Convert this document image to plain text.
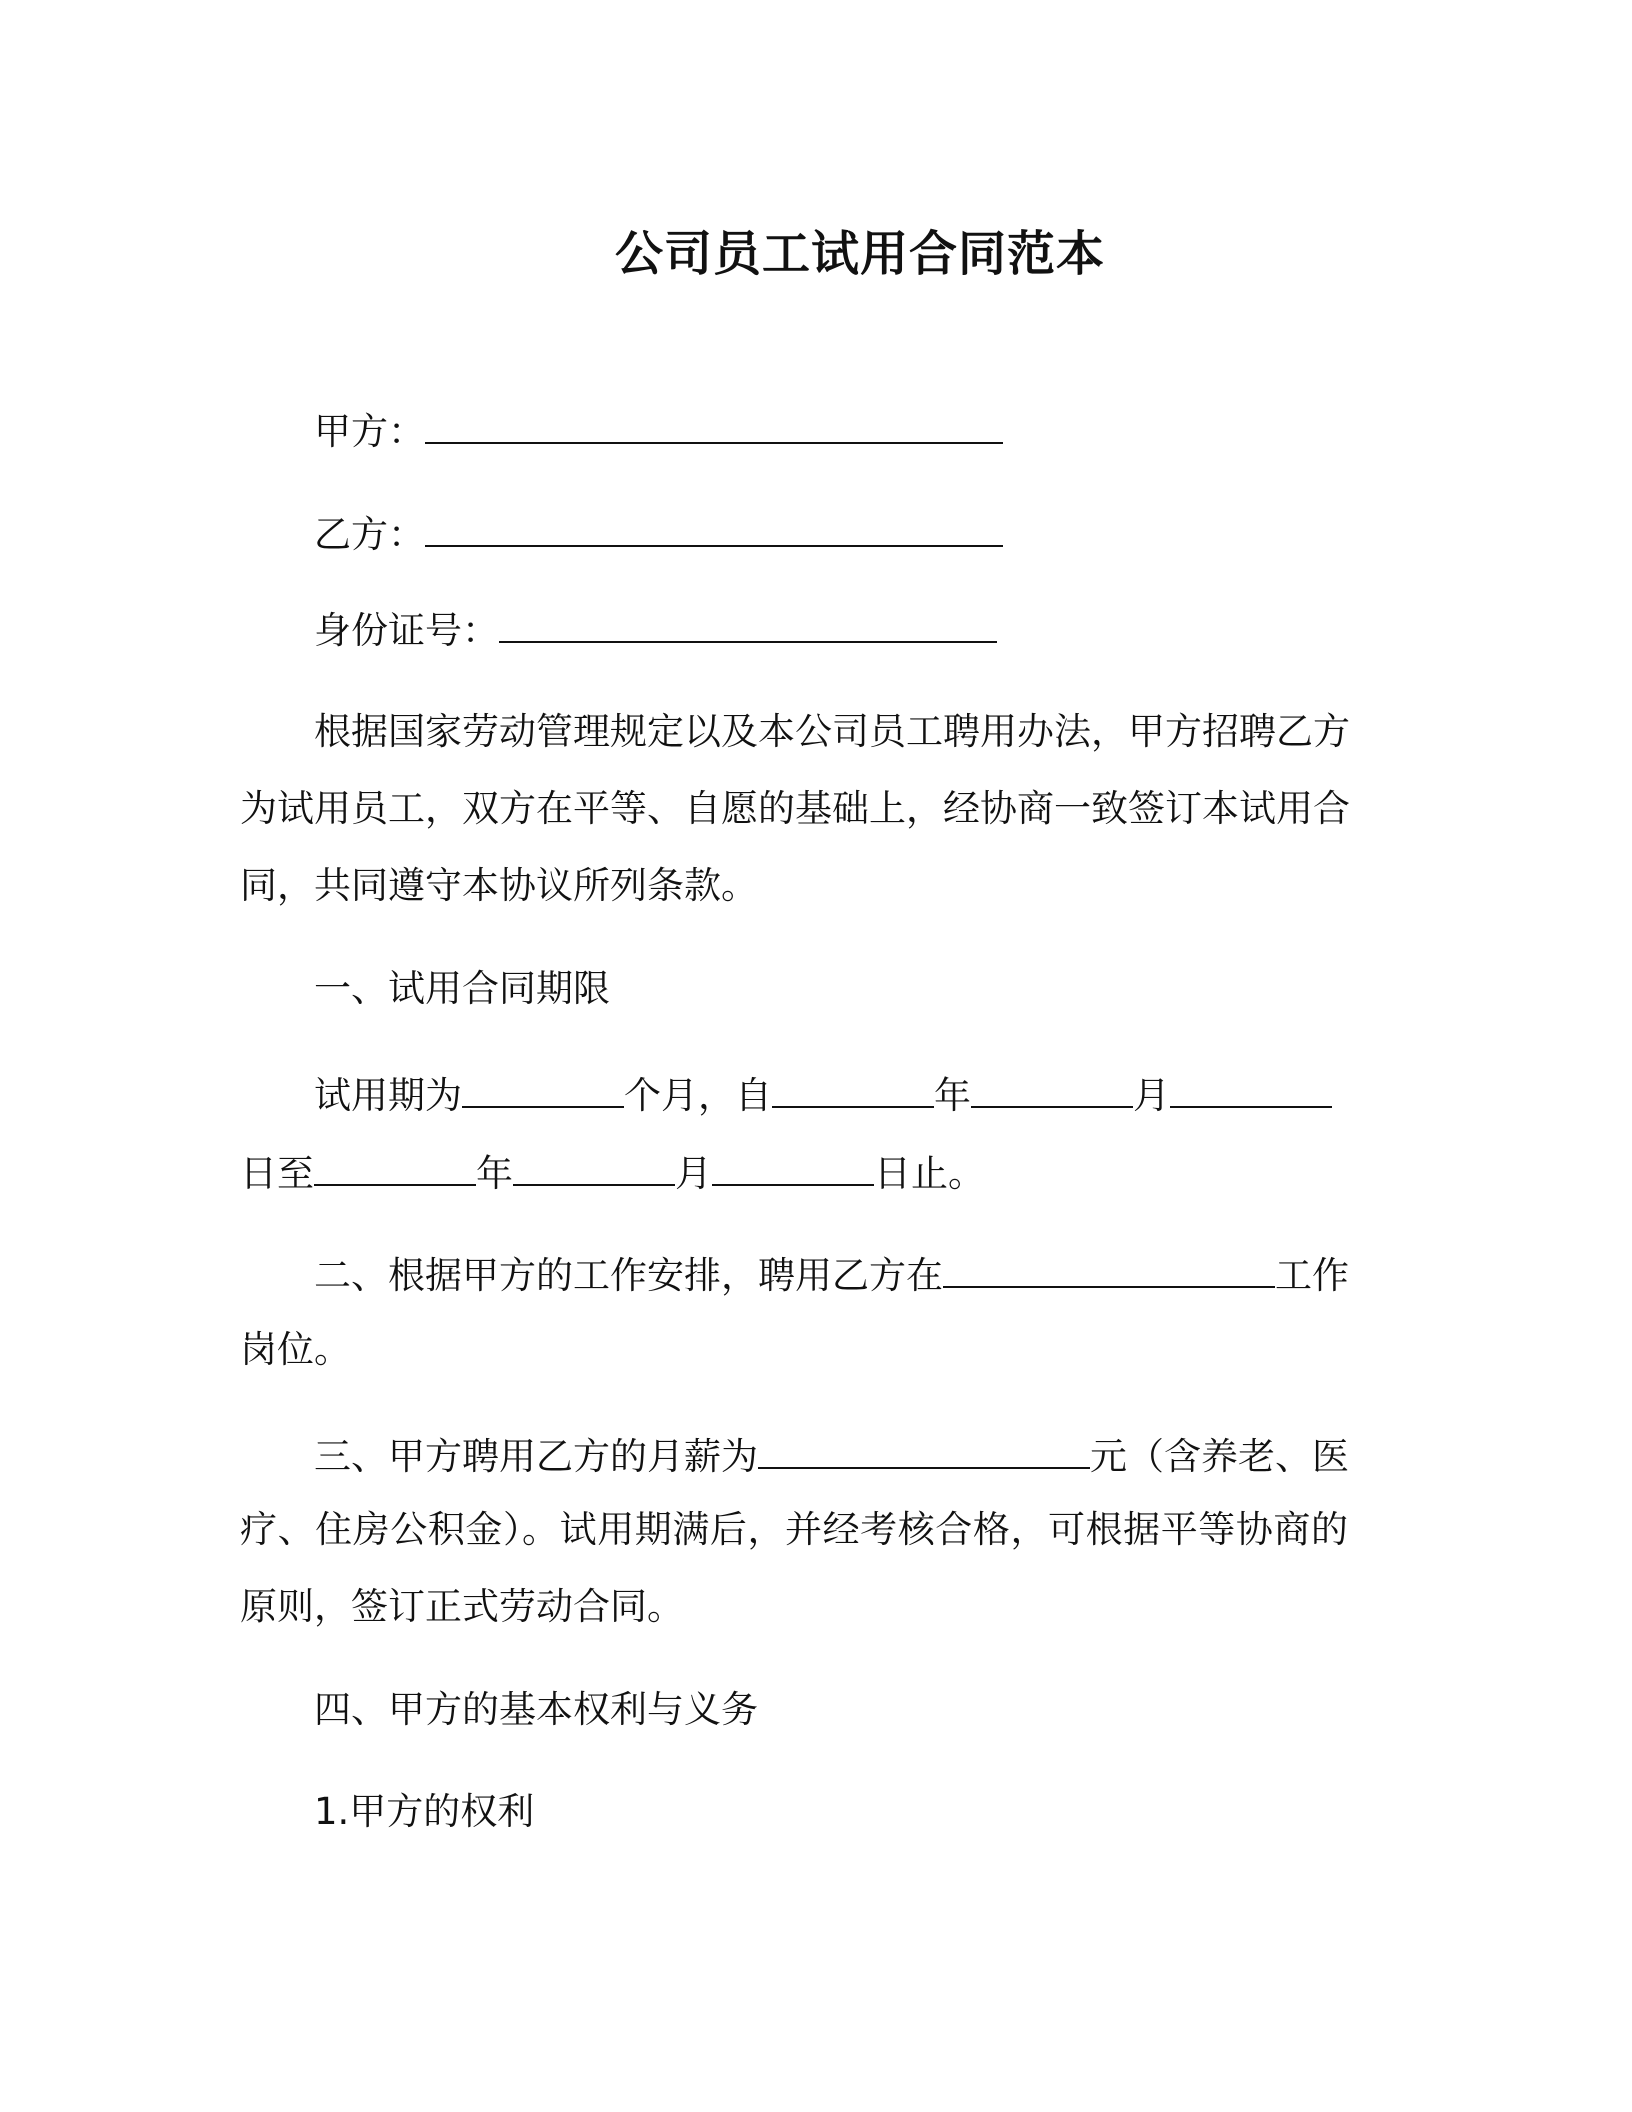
公司员工试用合同范本
甲方：
乙方：
身份证号：
根据国家劳动管理规定以及本公司员工聘用办法，甲方招聘乙方
为试用员工，双方在平等、自愿的基础上，经协商一致签订本试用合
同，共同遵守本协议所列条款。
一、试用合同期限
试用期为	个月，自	年	月
日至	年	月	日止。
二、根据甲方的工作安排，聘用乙方在	工作
岗位。
三、甲方聘用乙方的月薪为	元（含养老、医
疗、住房公积金）。试用期满后，并经考核合格，可根据平等协商的
原则，签订正式劳动合同。
四、甲方的基本权利与义务
1.甲方的权利
